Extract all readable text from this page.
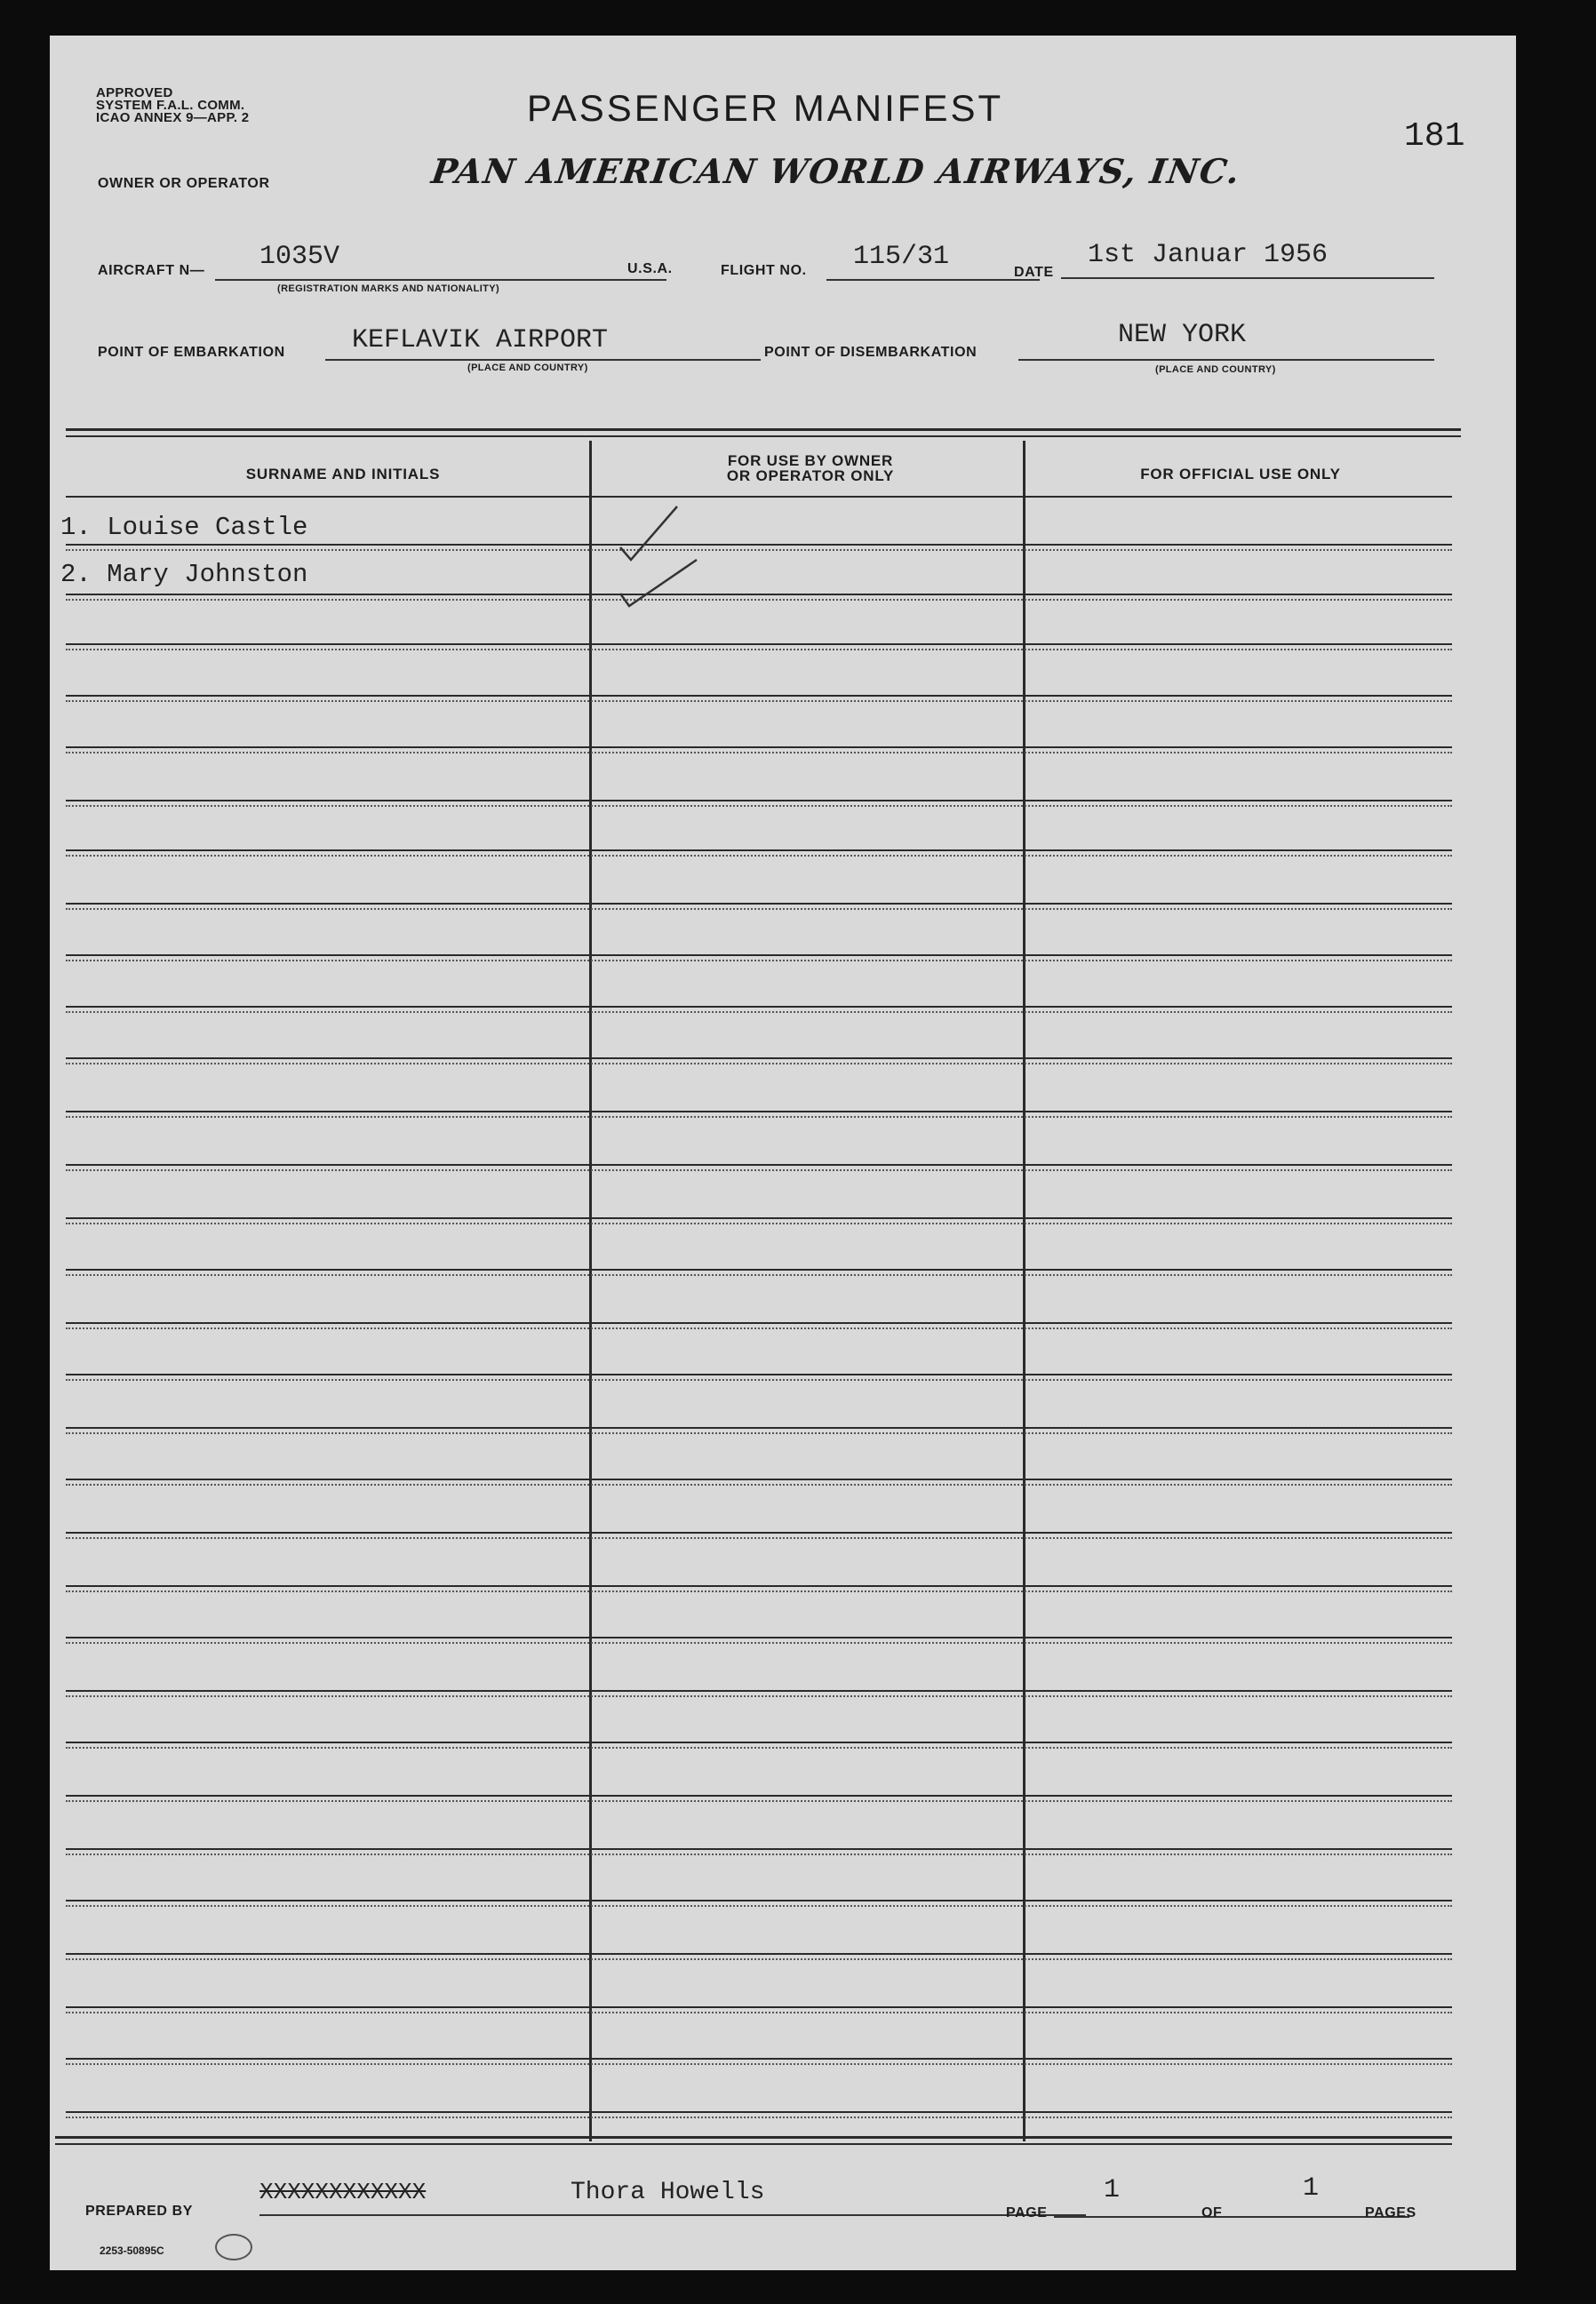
APPROVED
SYSTEM F.A.L. COMM.
ICAO ANNEX 9—APP. 2	PASSENGER MANIFEST
181
OWNER OR OPERATOR	PAN AMERICAN WORLD AIRWAYS, INC.
AIRCRAFT N— 1035V
(REGISTRATION MARKS AND NATIONALITY)
U.S.A.	FLIGHT NO. 115/31
DATE
1st Januar 1956
POINT OF EMBARKATION	KEFLAVIK AIRPORT
(PLACE AND COUNTRY)
POINT OF DISEMBARKATION
NEW YORK
(PLACE AND COUNTRY)
SURNAME AND INITIALS
FOR USE BY OWNER
OR OPERATOR ONLY	FOR OFFICIAL USE ONLY
1. Louise Castle
2. Mary Johnston
PREPARED BY
XXXXXXXXXXXX	Thora Howells
PAGE
1
OF
1
PAGES
2253-50895C
